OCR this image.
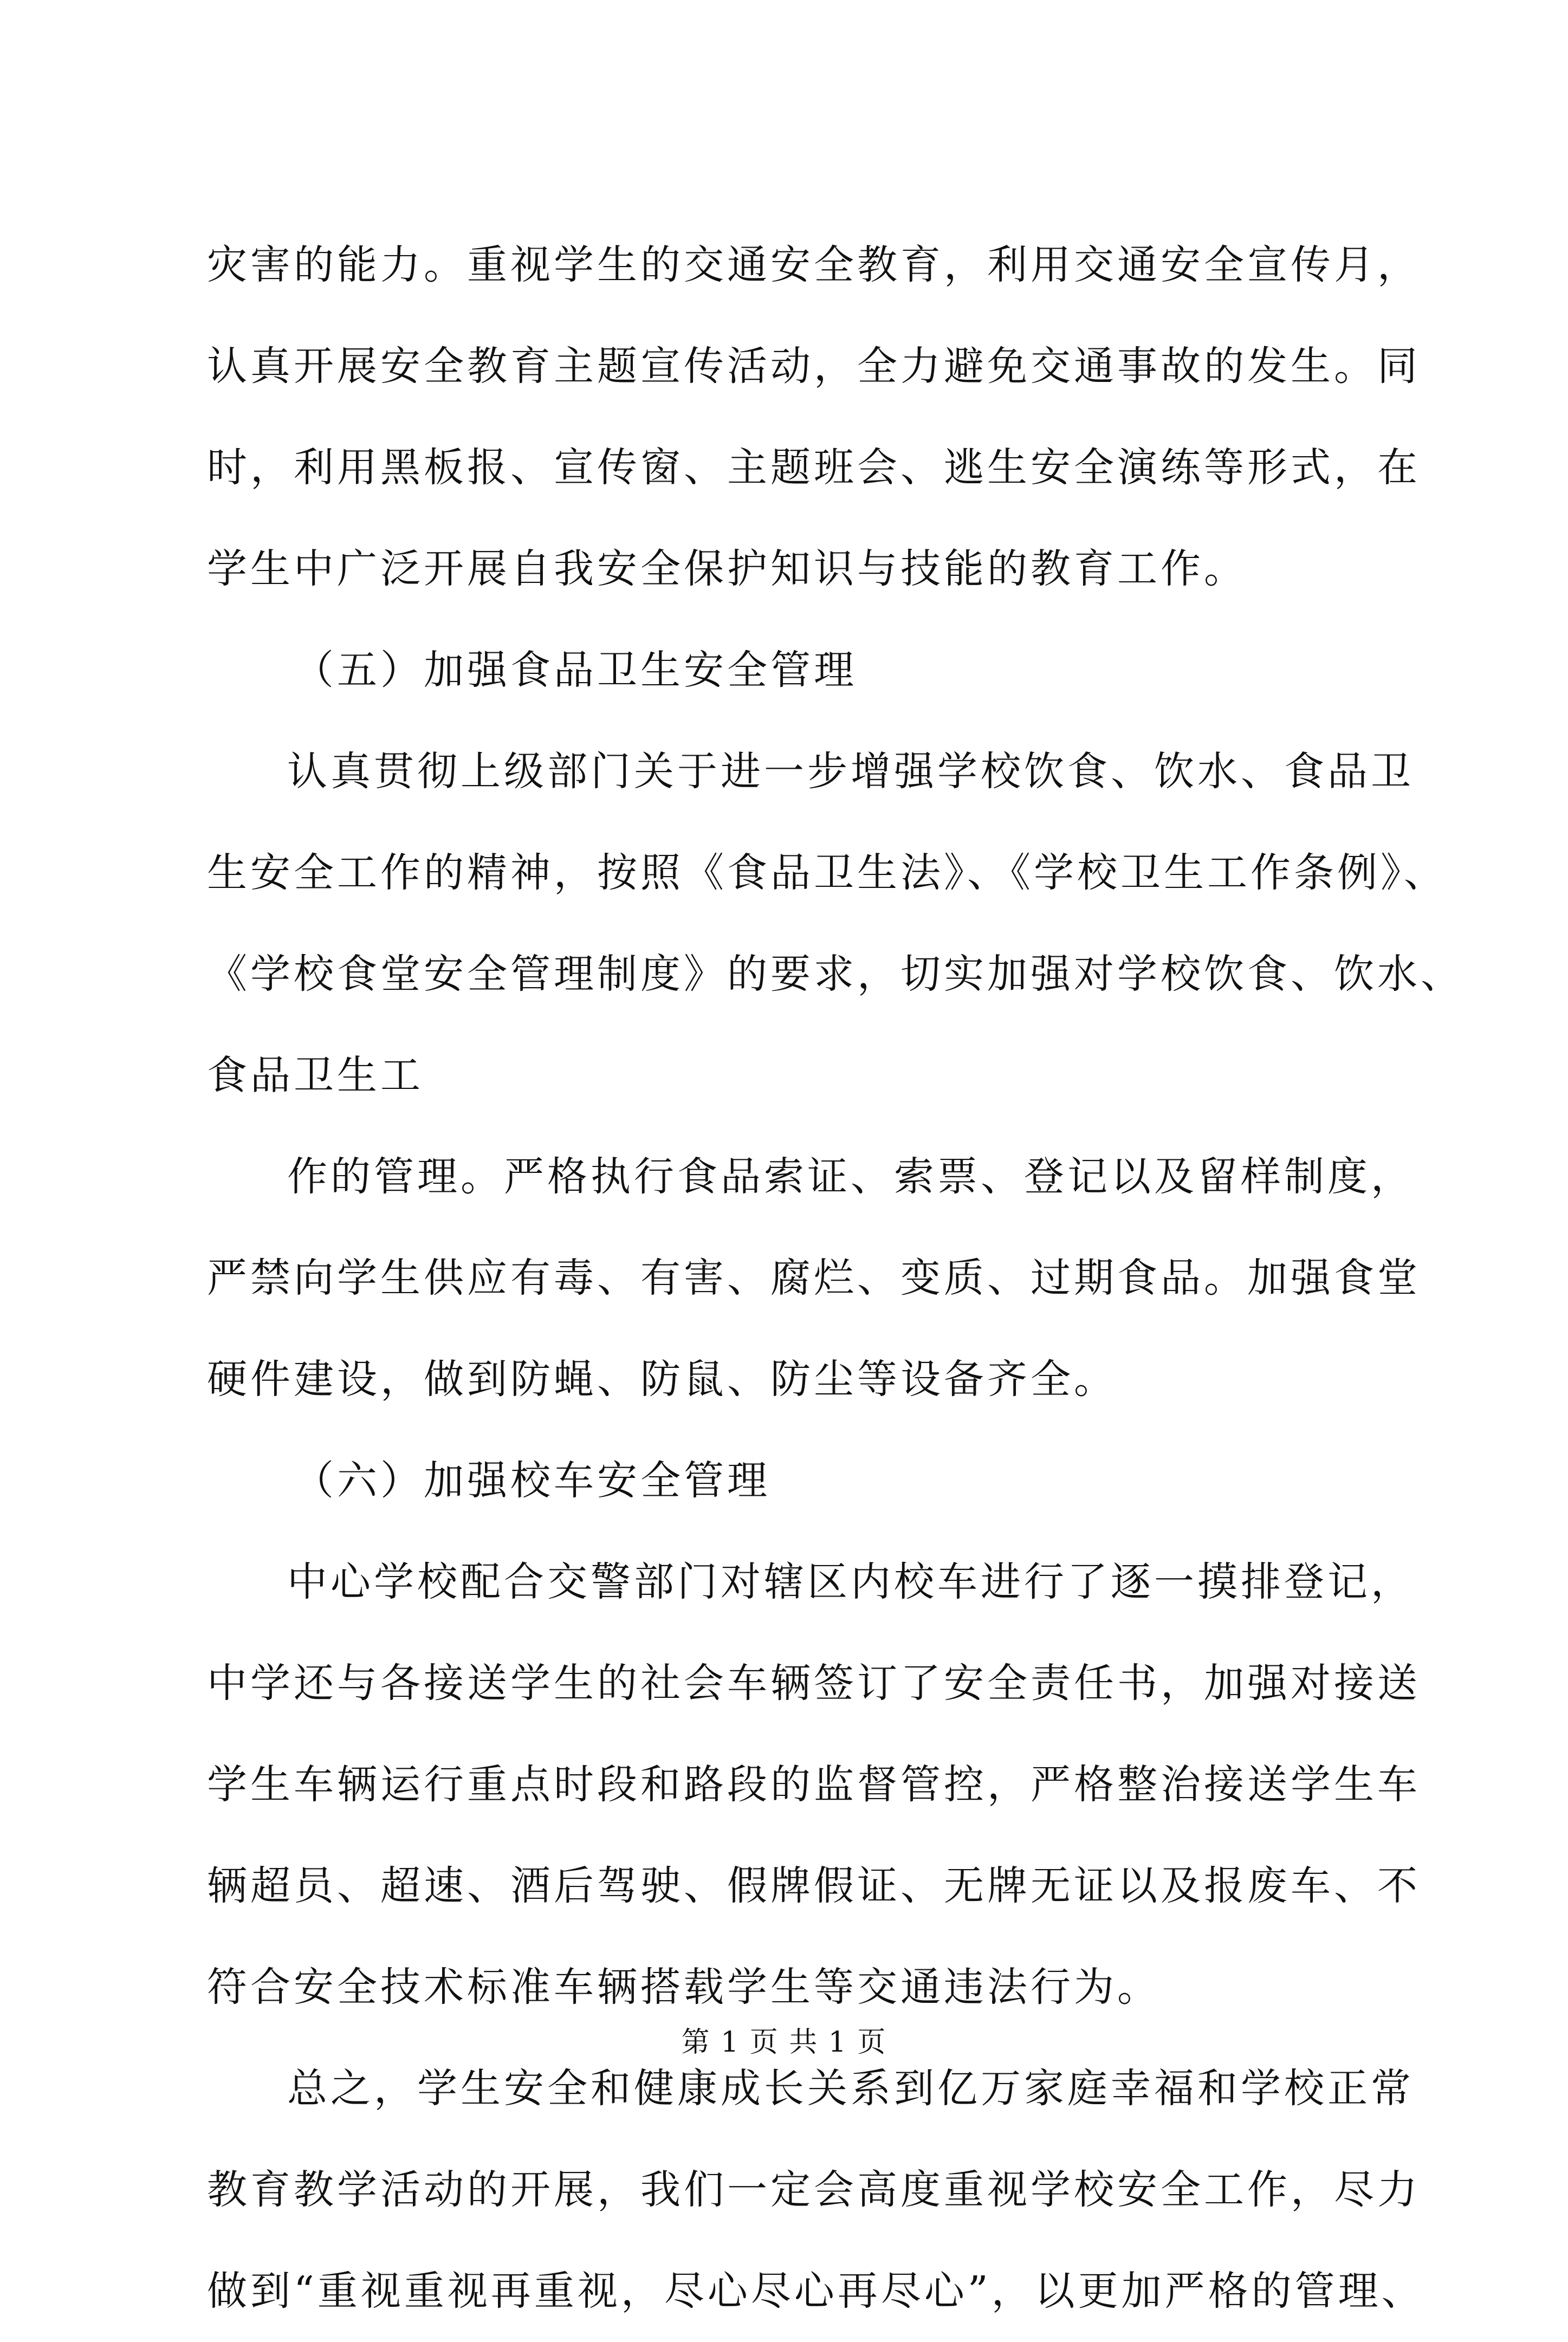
灾害的能力。重视学生的交通安全教育，利用交通安全宣传月，
认真开展安全教育主题宣传活动，全力避免交通事故的发生。同
时，利用黑板报、宣传窗、主题班会、逃生安全演练等形式，在
学生中广泛开展自我安全保护知识与技能的教育工作。
（五）加强食品卫生安全管理
认真贯彻上级部门关于进一步增强学校饮食、饮水、食品卫
生安全工作的精神，按照《食品卫生法》、《学校卫生工作条例》、
《学校食堂安全管理制度》的要求，切实加强对学校饮食、饮水、
食品卫生工
作的管理。严格执行食品索证、索票、登记以及留样制度，
严禁向学生供应有毒、有害、腐烂、变质、过期食品。加强食堂
硬件建设，做到防蝇、防鼠、防尘等设备齐全。
（六）加强校车安全管理
中心学校配合交警部门对辖区内校车进行了逐一摸排登记，
中学还与各接送学生的社会车辆签订了安全责任书，加强对接送
学生车辆运行重点时段和路段的监督管控，严格整治接送学生车
辆超员、超速、酒后驾驶、假牌假证、无牌无证以及报废车、不
符合安全技术标准车辆搭载学生等交通违法行为。
总之，学生安全和健康成长关系到亿万家庭幸福和学校正常
教育教学活动的开展，我们一定会高度重视学校安全工作，尽力
做到“重视重视再重视，尽心尽心再尽心”，以更加严格的管理、
第 1 页 共 1 页
